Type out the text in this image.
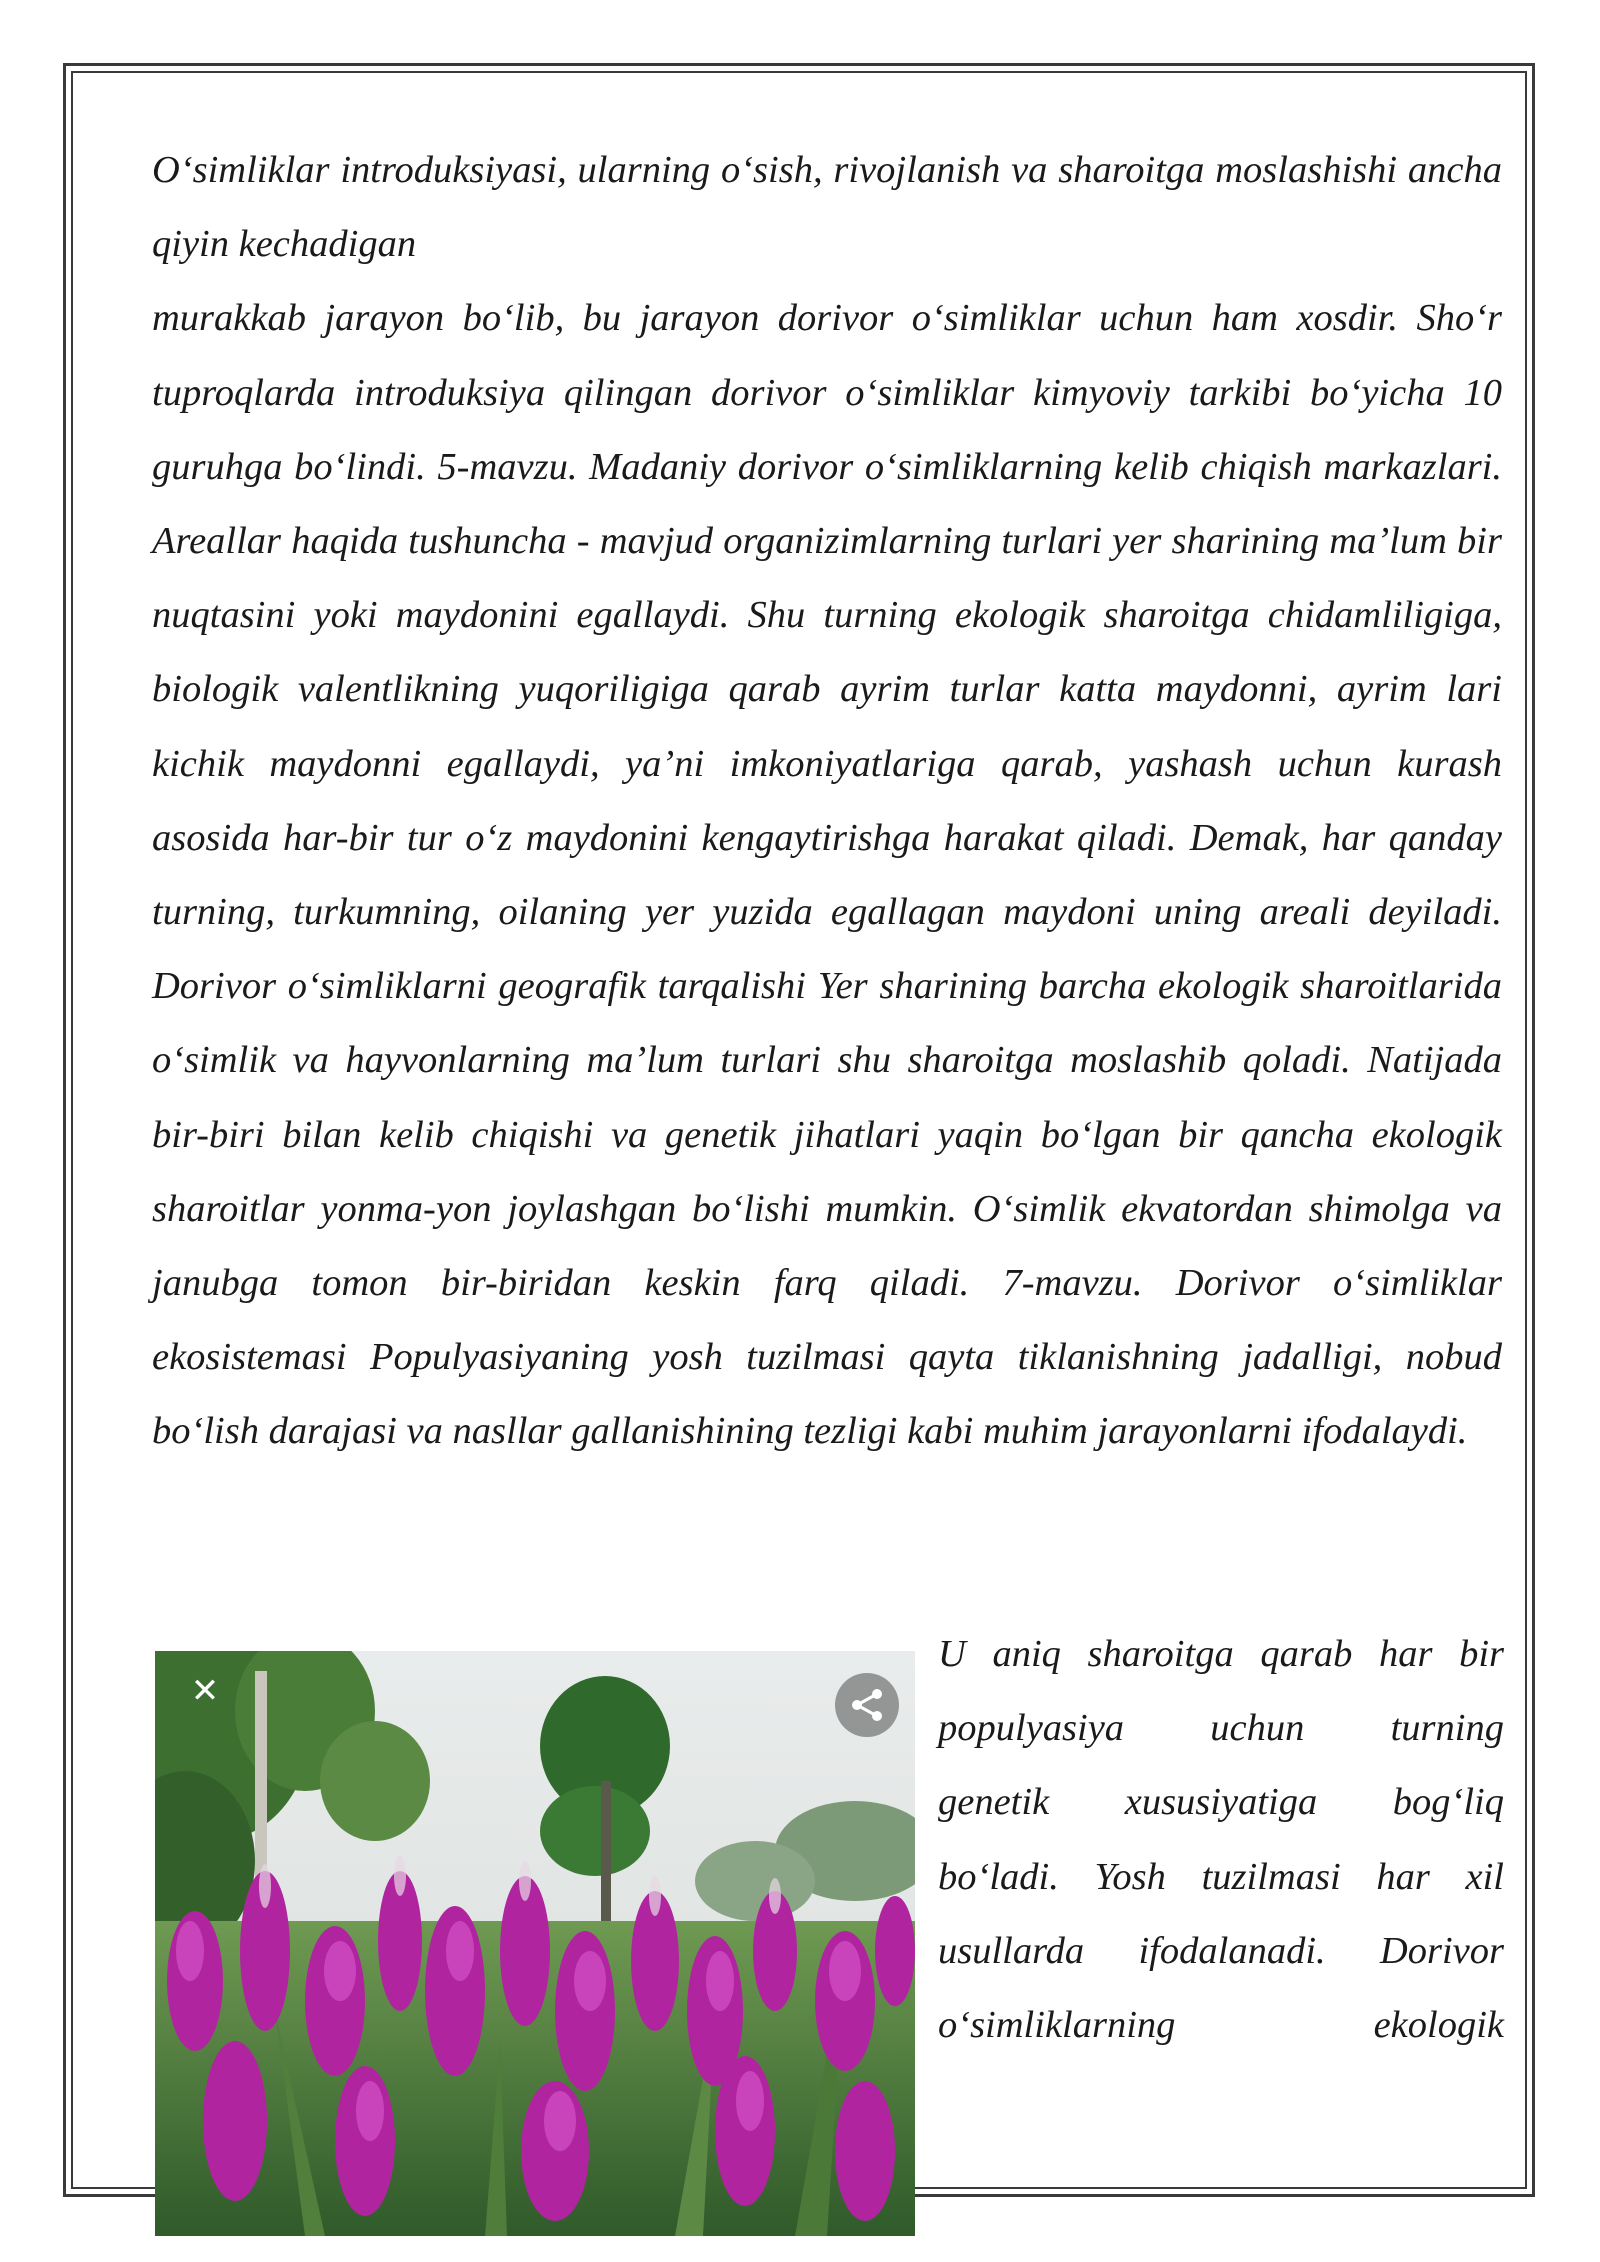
O‘simliklar introduksiyasi, ularning o‘sish, rivojlanish va sharoitga moslashishi ancha qiyin kechadigan

murakkab jarayon bo‘lib, bu jarayon dorivor o‘simliklar uchun ham xosdir. Sho‘r tuproqlarda introduksiya qilingan dorivor o‘simliklar kimyoviy tarkibi bo‘yicha 10 guruhga bo‘lindi. 5-mavzu. Madaniy dorivor o‘simliklarning kelib chiqish markazlari. Areallar haqida tushuncha - mavjud organizimlarning turlari yer sharining ma’lum bir nuqtasini yoki maydonini egallaydi. Shu turning ekologik sharoitga chidamliligiga, biologik valentlikning yuqoriligiga qarab ayrim turlar katta maydonni, ayrim lari kichik maydonni egallaydi, ya’ni imkoniyatlariga qarab, yashash uchun kurash asosida har-bir tur o‘z maydonini kengaytirishga harakat qiladi. Demak, har qanday turning, turkumning, oilaning yer yuzida egallagan maydoni uning areali deyiladi. Dorivor o‘simliklarni geografik tarqalishi Yer sharining barcha ekologik sharoitlarida o‘simlik va hayvonlarning ma’lum turlari shu sharoitga moslashib qoladi. Natijada bir-biri bilan kelib chiqishi va genetik jihatlari yaqin bo‘lgan bir qancha ekologik sharoitlar yonma-yon joylashgan bo‘lishi mumkin. O‘simlik ekvatordan shimolga va janubga tomon bir-biridan keskin farq qiladi. 7-mavzu. Dorivor o‘simliklar ekosistemasi Populyasiyaning yosh tuzilmasi qayta tiklanishning jadalligi, nobud bo‘lish darajasi va nasllar gallanishining tezligi kabi muhim jarayonlarni ifodalaydi.

✕
U aniq sharoitga qarab har bir
populyasiya uchun turning
genetik xususiyatiga bog‘liq
bo‘ladi. Yosh tuzilmasi har xil
usullarda ifodalanadi. Dorivor
o‘simliklarning ekologik
